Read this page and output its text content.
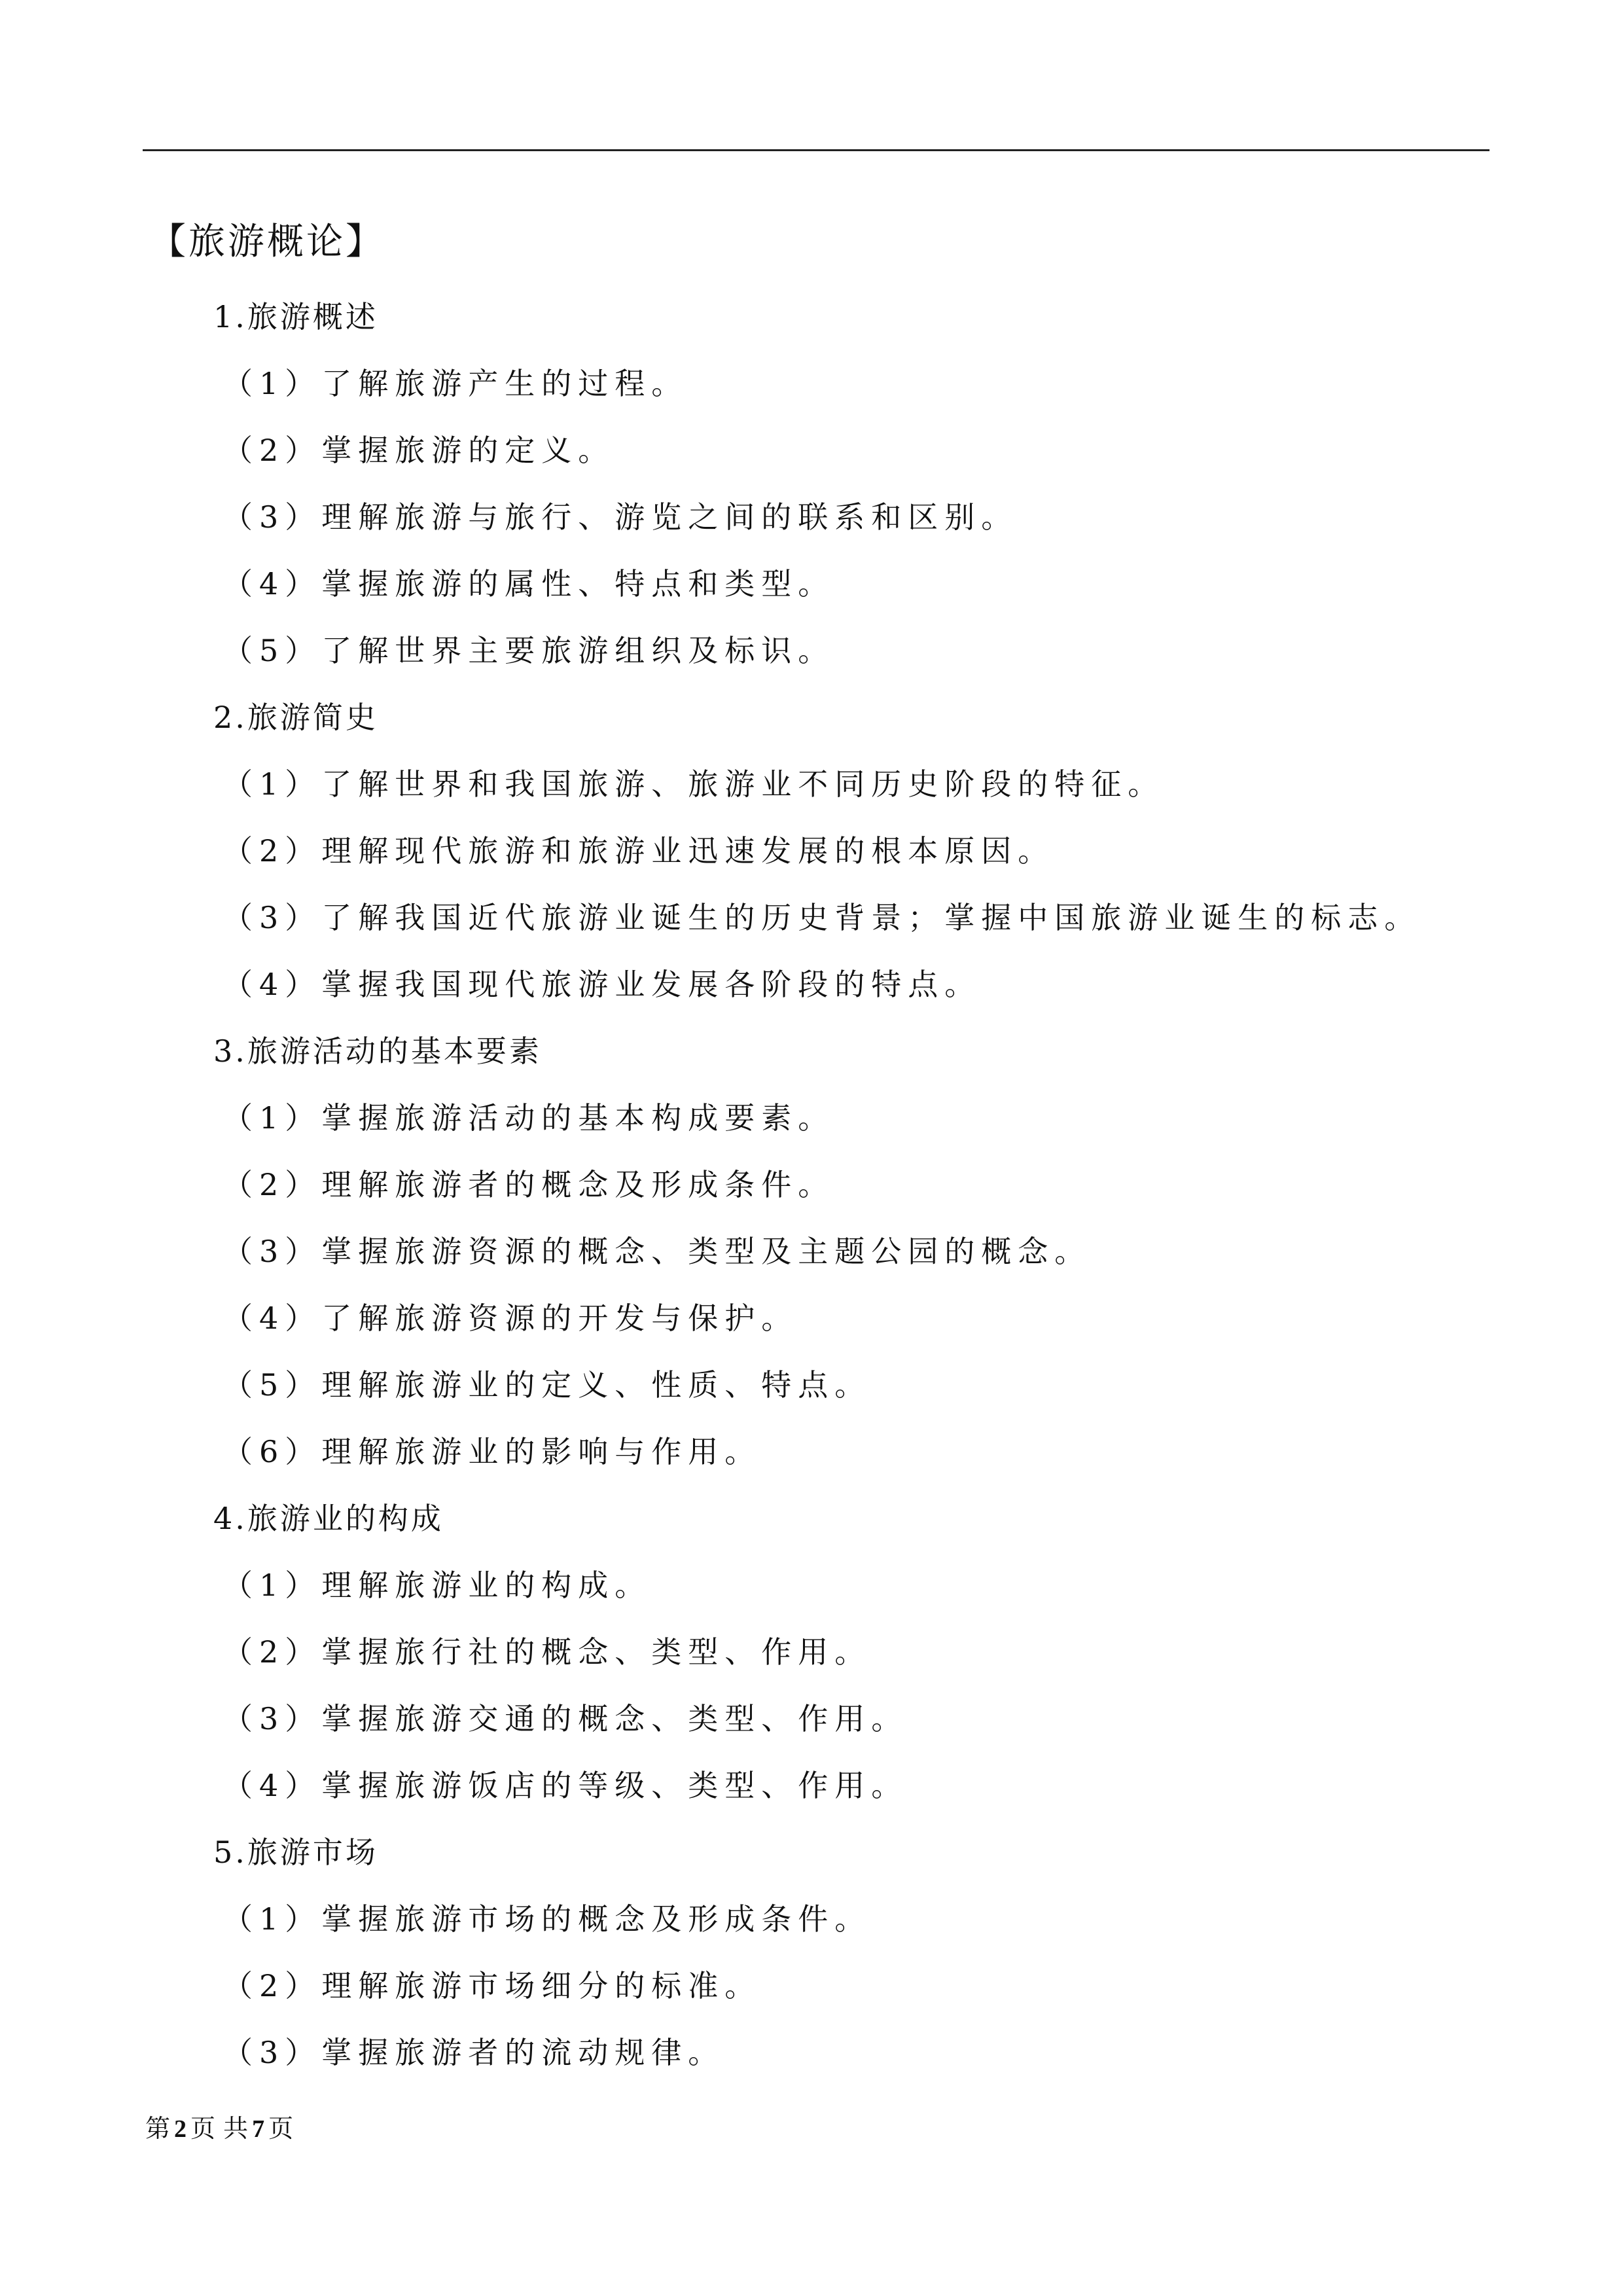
【旅游概论】
1.旅游概述
（1）了解旅游产生的过程。
（2）掌握旅游的定义。
（3）理解旅游与旅行、游览之间的联系和区别。
（4）掌握旅游的属性、特点和类型。
（5）了解世界主要旅游组织及标识。
2.旅游简史
（1）了解世界和我国旅游、旅游业不同历史阶段的特征。
（2）理解现代旅游和旅游业迅速发展的根本原因。
（3）了解我国近代旅游业诞生的历史背景；掌握中国旅游业诞生的标志。
（4）掌握我国现代旅游业发展各阶段的特点。
3.旅游活动的基本要素
（1）掌握旅游活动的基本构成要素。
（2）理解旅游者的概念及形成条件。
（3）掌握旅游资源的概念、类型及主题公园的概念。
（4）了解旅游资源的开发与保护。
（5）理解旅游业的定义、性质、特点。
（6）理解旅游业的影响与作用。
4.旅游业的构成
（1）理解旅游业的构成。
（2）掌握旅行社的概念、类型、作用。
（3）掌握旅游交通的概念、类型、作用。
（4）掌握旅游饭店的等级、类型、作用。
5.旅游市场
（1）掌握旅游市场的概念及形成条件。
（2）理解旅游市场细分的标准。
（3）掌握旅游者的流动规律。
第 2 页 共 7 页
